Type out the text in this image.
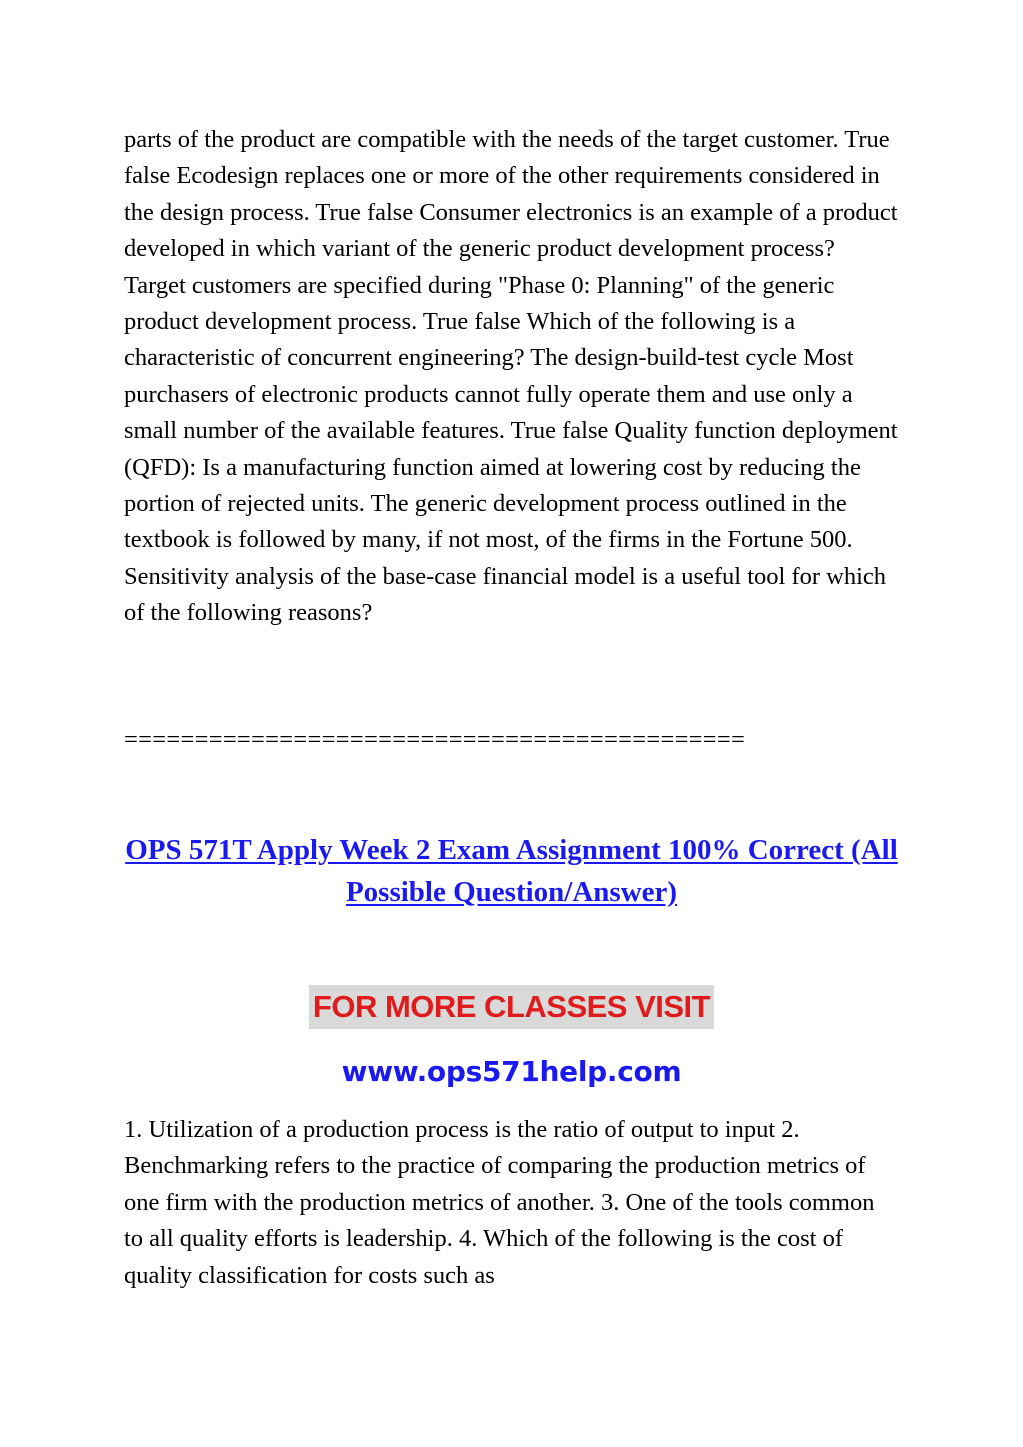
parts of the product are compatible with the needs of the target customer. True false Ecodesign replaces one or more of the other requirements considered in the design process. True false Consumer electronics is an example of a product developed in which variant of the generic product development process? Target customers are specified during "Phase 0: Planning" of the generic product development process. True false Which of the following is a characteristic of concurrent engineering? The design-build-test cycle Most purchasers of electronic products cannot fully operate them and use only a small number of the available features. True false Quality function deployment (QFD): Is a manufacturing function aimed at lowering cost by reducing the portion of rejected units. The generic development process outlined in the textbook is followed by many, if not most, of the firms in the Fortune 500. Sensitivity analysis of the base-case financial model is a useful tool for which of the following reasons?

============================================

OPS 571T Apply Week 2 Exam Assignment 100% Correct (All Possible Question/Answer)
FOR MORE CLASSES VISIT
www.ops571help.com

1. Utilization of a production process is the ratio of output to input 2. Benchmarking refers to the practice of comparing the production metrics of one firm with the production metrics of another. 3. One of the tools common to all quality efforts is leadership. 4. Which of the following is the cost of quality classification for costs such as
